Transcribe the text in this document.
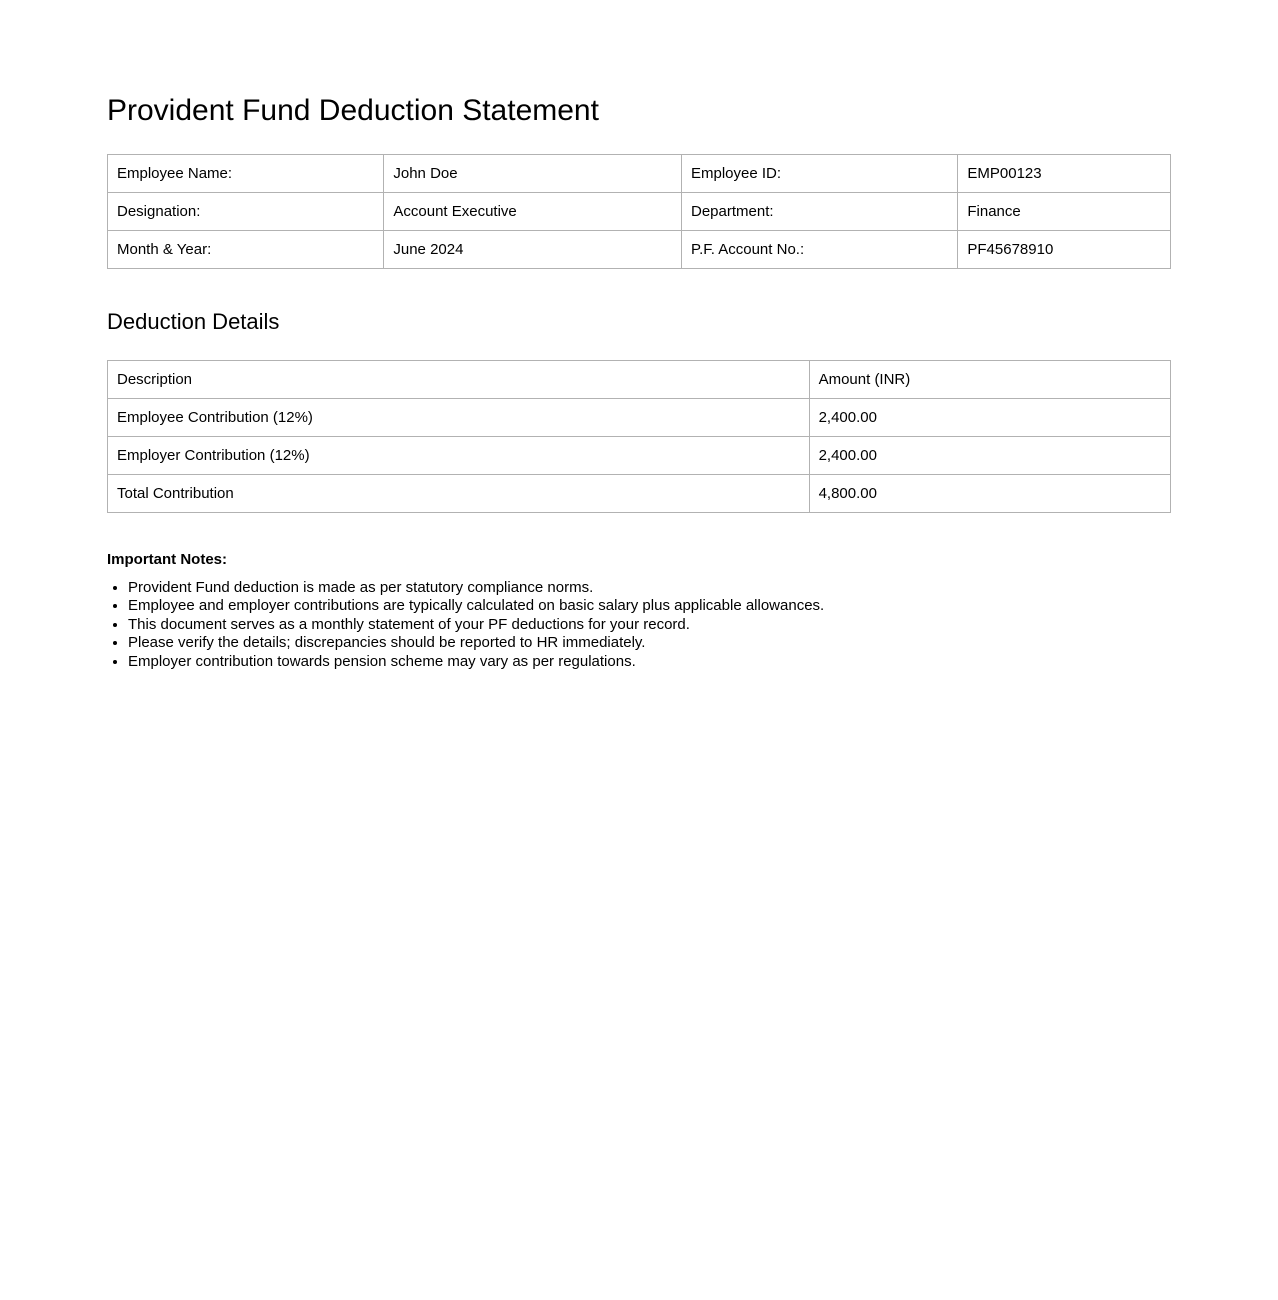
Provident Fund Deduction Statement
Employee Name:	John Doe	Employee ID:	EMP00123
Designation:	Account Executive	Department:	Finance
Month & Year:	June 2024	P.F. Account No.:	PF45678910
Deduction Details
Description	Amount (INR)
Employee Contribution (12%)	2,400.00
Employer Contribution (12%)	2,400.00
Total Contribution	4,800.00

Important Notes:

• Provident Fund deduction is made as per statutory compliance norms.
• Employee and employer contributions are typically calculated on basic salary plus applicable allowances.
• This document serves as a monthly statement of your PF deductions for your record.
• Please verify the details; discrepancies should be reported to HR immediately.
• Employer contribution towards pension scheme may vary as per regulations.
